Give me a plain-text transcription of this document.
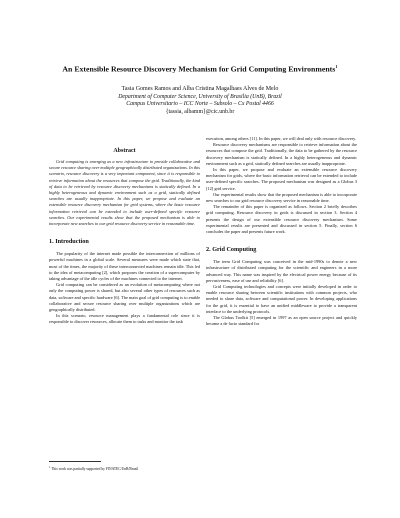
An Extensible Resource Discovery Mechanism for Grid Computing Environments$^1$
Tasia Gomes Ramos and Alba Cristina Magalhaes Alves de Melo
Department of Computer Science, University of Brasilia (UnB), Brazil
Campus Universitario – ICC Norte – Subsolo – Cx Postal 4466
{tassia, albamm}@cic.unb.br
Abstract

Grid computing is emerging as a new infrastructure to provide collaborative and secure resource sharing over multiple geographically distributed organizations. In this scenario, resource discovery is a very important component, since it is responsible to retrieve information about the resources that compose the grid. Traditionally, the kind of data to be retrieved by resource discovery mechanisms is statically defined. In a highly heterogeneous and dynamic environment such as a grid, statically defined searches are usually inappropriate. In this paper, we propose and evaluate an extensible resource discovery mechanism for grid systems, where the basic resource information retrieval can be extended to include user-defined specific resource searches. Our experimental results show that the proposed mechanism is able to incorporate new searches to our grid resource discovery service in reasonable time.

1. Introduction

The popularity of the internet made possible the interconnection of millions of powerful machines in a global scale. Several measures were made which state that, most of the times, the majority of these interconnected machines remain idle. This led to the idea of metacomputing [2], which proposes the creation of a supercomputer by taking advantage of the idle cycles of the machines connected to the internet.

Grid computing can be considered as an evolution of metacomputing where not only the computing power is shared, but also several other types of resources such as data, software and specific hardware [6]. The main goal of grid computing is to enable collaborative and secure resource sharing over multiple organizations which are geographically distributed.

In this scenario, resource management plays a fundamental role since it is responsible to discover resources, allocate them to tasks and monitor the task

execution, among others [11]. In this paper, we will deal only with resource discovery.

Resource discovery mechanisms are responsible to retrieve information about the resources that compose the grid. Traditionally, the data to be gathered by the resource discovery mechanism is statically defined. In a highly heterogeneous and dynamic environment such as a grid, statically defined searches are usually inappropriate.

In this paper, we propose and evaluate an extensible resource discovery mechanism for grids, where the basic information retrieval can be extended to include user-defined specific searches. The proposed mechanism was designed as a Globus 3 [12] grid service.

Our experimental results show that the proposed mechanism is able to incorporate new searches to our grid resource discovery service in reasonable time.

The remainder of this paper is organized as follows. Section 2 briefly describes grid computing. Resource discovery in grids is discussed in section 3. Section 4 presents the design of our extensible resource discovery mechanism. Some experimental results are presented and discussed in section 5. Finally, section 6 concludes the paper and presents future work.

2. Grid Computing

The term Grid Computing was conceived in the mid-1990s to denote a new infrastructure of distributed computing for the scientific and engineers in a more advanced way. This name was inspired by the electrical power energy because of its pervasiveness, ease of use and reliability [6].

Grid Computing technologies and concepts were initially developed in order to enable resource sharing between scientific institutions with common projects, who needed to share data, software and computational power. In developing applications for the grid, it is essential to have an unified middleware to provide a transparent interface to the underlying protocols.

The Globus Toolkit [5] emerged in 1997 as an open source project and quickly became a de facto standard for

$^1$ This work was partially supported by FINATEC/UnB/Brazil
